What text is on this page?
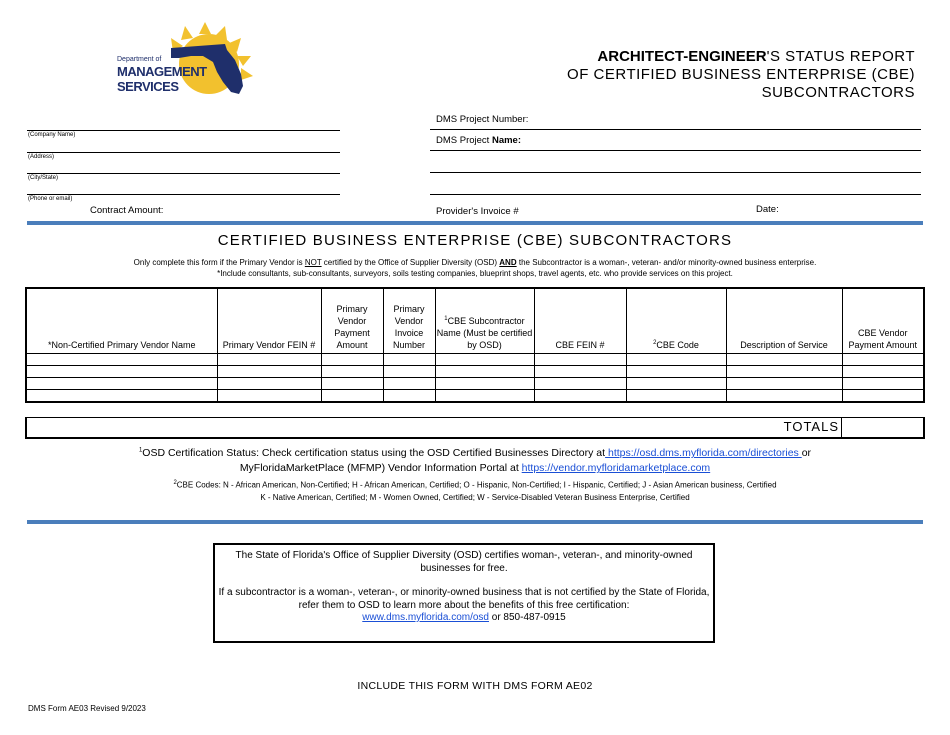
Department of
MANAGEMENT
SERVICES
ARCHITECT-ENGINEER'S STATUS REPORT
OF CERTIFIED BUSINESS ENTERPRISE (CBE)
SUBCONTRACTORS
(Company Name)
(Address)
(City/State)
(Phone or email)
Contract Amount:
DMS Project Number:
DMS Project Name:
Provider's Invoice #	Date:
CERTIFIED BUSINESS ENTERPRISE (CBE) SUBCONTRACTORS
Only complete this form if the Primary Vendor is NOT certified by the Office of Supplier Diversity (OSD) AND the Subcontractor is a woman-, veteran- and/or minority-owned business enterprise.
*Include consultants, sub-consultants, surveyors, soils testing companies, blueprint shops, travel agents, etc. who provide services on this project.
*Non-Certified Primary Vendor Name	Primary Vendor FEIN #	Primary Vendor Payment Amount	Primary Vendor Invoice Number	$^1$CBE Subcontractor Name (Must be certified by OSD)	CBE FEIN #	$^2$CBE Code	Description of Service	CBE Vendor Payment Amount

TOTALS
$^1$OSD Certification Status: Check certification status using the OSD Certified Businesses Directory at https://osd.dms.myflorida.com/directories or
MyFloridaMarketPlace (MFMP) Vendor Information Portal at https://vendor.myfloridamarketplace.com
$^2$CBE Codes: N - African American, Non-Certified; H - African American, Certified; O - Hispanic, Non-Certified; I - Hispanic, Certified; J - Asian American business, Certified
K - Native American, Certified; M - Women Owned, Certified; W - Service-Disabled Veteran Business Enterprise, Certified
The State of Florida's Office of Supplier Diversity (OSD) certifies woman-, veteran-, and minority-owned businesses for free.
If a subcontractor is a woman-, veteran-, or minority-owned business that is not certified by the State of Florida, refer them to OSD to learn more about the benefits of this free certification:
www.dms.myflorida.com/osd or 850-487-0915
INCLUDE THIS FORM WITH DMS FORM AE02
DMS Form AE03 Revised 9/2023
